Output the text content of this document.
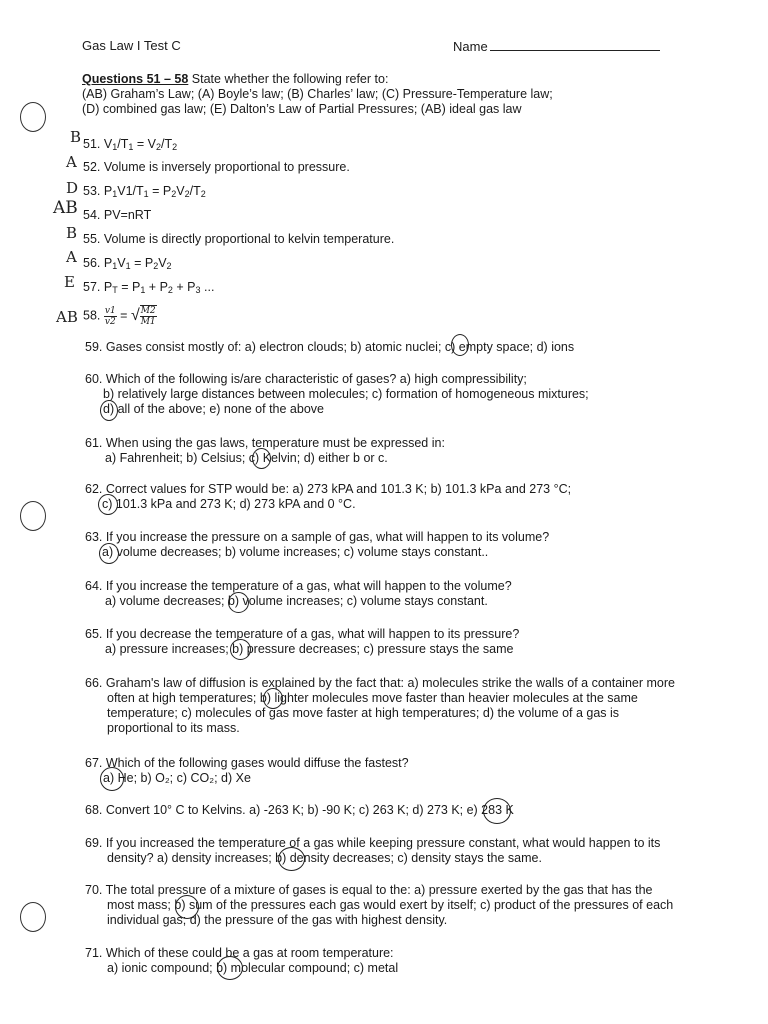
Gas Law I Test C	Name
Questions 51 – 58 State whether the following refer to:
(AB) Graham’s Law; (A) Boyle’s law; (B) Charles’ law; (C) Pressure-Temperature law;
(D) combined gas law; (E) Dalton’s Law of Partial Pressures; (AB) ideal gas law
B
A
D
AB
B
A
E
AB
51. $V_1/T_1 = V_2/T_2$
52. Volume is inversely proportional to pressure.
53. $P_1V1/T_1 = P_2V_2/T_2$
54. PV=nRT
55. Volume is directly proportional to kelvin temperature.
56. $P_1V_1 = P_2V_2$
57. $P_T = P_1 + P_2 + P_3$ ...
58. $\frac{v1}{v2}$ = √ $\frac{M2}{M1}$
59. Gases consist mostly of: a) electron clouds; b) atomic nuclei; c) empty space; d) ions
60. Which of the following is/are characteristic of gases? a) high compressibility;
b) relatively large distances between molecules; c) formation of homogeneous mixtures;
d) all of the above; e) none of the above
61. When using the gas laws, temperature must be expressed in:
a) Fahrenheit; b) Celsius; c) Kelvin; d) either b or c.
62. Correct values for STP would be: a) 273 kPA and 101.3 K; b) 101.3 kPa and 273 °C;
c) 101.3 kPa and 273 K; d) 273 kPA and 0 °C.
63. If you increase the pressure on a sample of gas, what will happen to its volume?
a) volume decreases; b) volume increases; c) volume stays constant..
64. If you increase the temperature of a gas, what will happen to the volume?
a) volume decreases; b) volume increases; c) volume stays constant.
65. If you decrease the temperature of a gas, what will happen to its pressure?
a) pressure increases; b) pressure decreases; c) pressure stays the same
66. Graham's law of diffusion is explained by the fact that: a) molecules strike the walls of a container more
often at high temperatures; b) lighter molecules move faster than heavier molecules at the same
temperature; c) molecules of gas move faster at high temperatures; d) the volume of a gas is
proportional to its mass.
67. Which of the following gases would diffuse the fastest?
a) He; b) O₂; c) CO₂; d) Xe
68. Convert 10° C to Kelvins. a) -263 K; b) -90 K; c) 263 K; d) 273 K; e) 283 K
69. If you increased the temperature of a gas while keeping pressure constant, what would happen to its
density? a) density increases; b) density decreases; c) density stays the same.
70. The total pressure of a mixture of gases is equal to the: a) pressure exerted by the gas that has the
most mass; b) sum of the pressures each gas would exert by itself; c) product of the pressures of each
individual gas; d) the pressure of the gas with highest density.
71. Which of these could be a gas at room temperature:
a) ionic compound; b) molecular compound; c) metal
